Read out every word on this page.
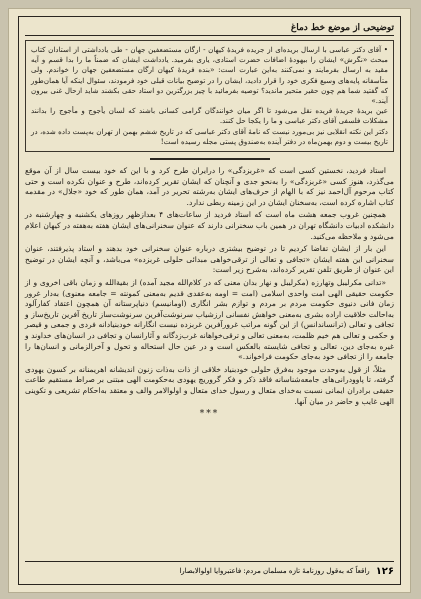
توضیحی از موضع خط دماغ

• آقای دکتر عباسی با ارسال بریده‌ای از جریده فریدهٔ کیهان - ارگان مستضعفین جهان - طی یادداشتی از استادان کتاب مبحث «نگرش» ایشان را بیهودهٔ اضافات حضرت استادی، یاری بفرمید. یادداشت ایشان که ضمناً ما را بدا قسم و آیه مقید به ارسال بفرمایند و نمی‌کنند به‌این عبارت است: «بنده فریدهٔ کیهان ارگان مستضعفین جهان را خواندم. ولی متأسفانه پایه‌های وسیع فکری خود را قرار دادید، ایشان را در توضیح بیانات قبلی خود فرمودند، سئوال اینکه آیا همان‌طور که گفتید شما هم چون حقیر متحیر ماندید؟ توصیه بفرمائید با چیز بزرگترین دو استاد حقی بکشند شاید ازحال غنی بیرون آیند.»

عین بریدهٔ جریدهٔ فریده نقل می‌شود تا اگر میان خوانندگان گرامی کسانی باشند که لسان یأجوج و مأجوج را بدانند مشکلات فلسفی آقای دکتر عباسی و ما را یکجا حل کنند.

دکتر این نکته انقلابی نیز بی‌مورد نیست که نامهٔ آقای دکتر عباسی که در تاریخ ششم بهمن از تهران به‌پست داده شده، در تاریخ بیست و دوم بهمن‌ماه در دفتر آینده به‌صندوق پستی مجله رسیده است!

استاد فردید، نخستین کسی است که «غربزدگی» را درایران طرح کرد و با این که خود بیست سال از آن موقع می‌گذرد، هنوز کسی «غربزدگی» را به‌نحو جدی و آنچنان که ایشان تقریر کرده‌اند، طرح و عنوان نکرده است و حتی کتاب مرحوم آل‌احمد نیز که با الهام از حرف‌های ایشان به‌رشته تحریر در آمد، همان طور که خود «جلال» در مقدمه کتاب اشاره کرده است، به‌سخنان ایشان در این زمینه ربطی ندارد.

همچنین غروب جمعه هشت ماه است که استاد فردید از ساعات‌های ۴ بعدازظهر روزهای یکشنبه و چهارشنبه در دانشکده ادبیات دانشگاه تهران در همین باب سخنرانی دارند که عنوان سخنرانی‌های ایشان هفته به‌هفته در کیهان اعلام می‌شود و ملاحظه می‌کنید.

این بار از ایشان تقاضا کردیم تا در توضیح بیشتری درباره عنوان سخنرانی خود بدهند و استاد پذیرفتند، عنوان سخنرانی این هفته ایشان «تجافی و تعالی از ترقی‌خواهی مبدائی حلولی غربزده» می‌باشد، و آنچه ایشان در توضیح این عنوان از طریق تلفن تقریر کرده‌اند، به‌شرح زیر است:

«تدانی مکرلیبل وتهارزه (مکرلیبل و نهار بدان معنی که در کلام‌الله مجید آمده) از بقیةالله و زمان باقی اخروی و از حکومت حقیقی الهی امت واحدی اسلامی (امت = اومه به‌عقدی قدیم به‌معنی کمونته = جامعه معنوی) به‌دار غرور زمان فانی دنیوی حکومت مردم بر مردم و توازم بشر انگاری (اومانیسم) دنیاپرستانه آن همچون اعتقاد کفارآلود به‌احالت خلاقیت اراده بشری به‌معنی خواهش نفسانی ارزشیاب سرنوشت‌آفرین سرنوشت‌ساز تاریخ آفرین تاریخ‌ساز و تجافی و تعالی (ترانساندانس) از این گونه مراتب غرورآفرین غربزده نیست انگارانه خودبنیادانه فردی و جمعی و قیصر و حکمی و تعالی هم خیم ظلمت، به‌معنی تعالی و ترقی‌خواهانه غرب‌زدگانه و آثارانسان و تجافی در انسان‌های خداوند و غیره به‌جای دین، تعالی و تجافی شایسته بالعکس است و در عین حال استحاله و تحول و آخرالزمانی و انسان‌ها را جامعه را از تجافی خود به‌جای حکومت فراخواند.»

مثلاً، از قول به‌وحدت موجود به‌فرق حلولی خودبنیاد خلاقی از ذات به‌ذات زنون اندیشانه اهریمنانه بر کسون یهودی گرفته، تا پاوودرانی‌های جامعه‌شناسانه فاقد ذکر و فکر گروریچ یهودی به‌حکومت الهی مبتنی بر صراط مستقیم طاعت حقیقی برادران ایمانی نسبت به‌خدای متعال و رسول خدای متعال و اولوالامر والف و معتقد به‌احکام تشریعی و تکوینی الهی غایب و حاضر در میان آنها.

***
۱۲۶
راقعاً که به‌قول روزنامهٔ تازه مسلمان مردم: فاعتبروایا اولوالابصارا
